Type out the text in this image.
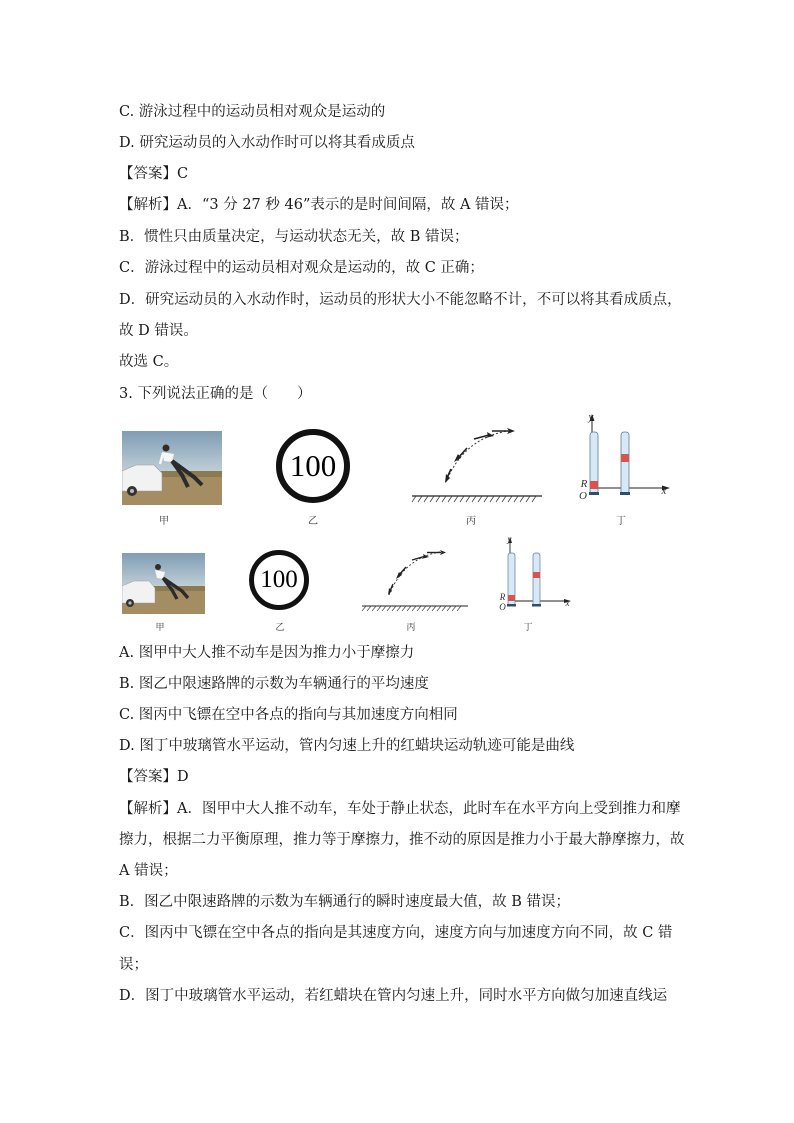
C. 游泳过程中的运动员相对观众是运动的
D. 研究运动员的入水动作时可以将其看成质点
【答案】C
【解析】A．“3 分 27 秒 46”表示的是时间间隔，故 A 错误；
B．惯性只由质量决定，与运动状态无关，故 B 错误；
C．游泳过程中的运动员相对观众是运动的，故 C 正确；
D．研究运动员的入水动作时，运动员的形状大小不能忽略不计，不可以将其看成质点，
故 D 错误。
故选 C。
3. 下列说法正确的是（　　）
甲
100
乙	丙
y
x
R
O
丁
甲
100
乙	丙
y
x
R
O
丁
A. 图甲中大人推不动车是因为推力小于摩擦力
B. 图乙中限速路牌的示数为车辆通行的平均速度
C. 图丙中飞镖在空中各点的指向与其加速度方向相同
D. 图丁中玻璃管水平运动，管内匀速上升的红蜡块运动轨迹可能是曲线
【答案】D
【解析】A．图甲中大人推不动车，车处于静止状态，此时车在水平方向上受到推力和摩
擦力，根据二力平衡原理，推力等于摩擦力，推不动的原因是推力小于最大静摩擦力，故
A 错误；
B．图乙中限速路牌的示数为车辆通行的瞬时速度最大值，故 B 错误；
C．图丙中飞镖在空中各点的指向是其速度方向，速度方向与加速度方向不同，故 C 错
误；
D．图丁中玻璃管水平运动，若红蜡块在管内匀速上升，同时水平方向做匀加速直线运
